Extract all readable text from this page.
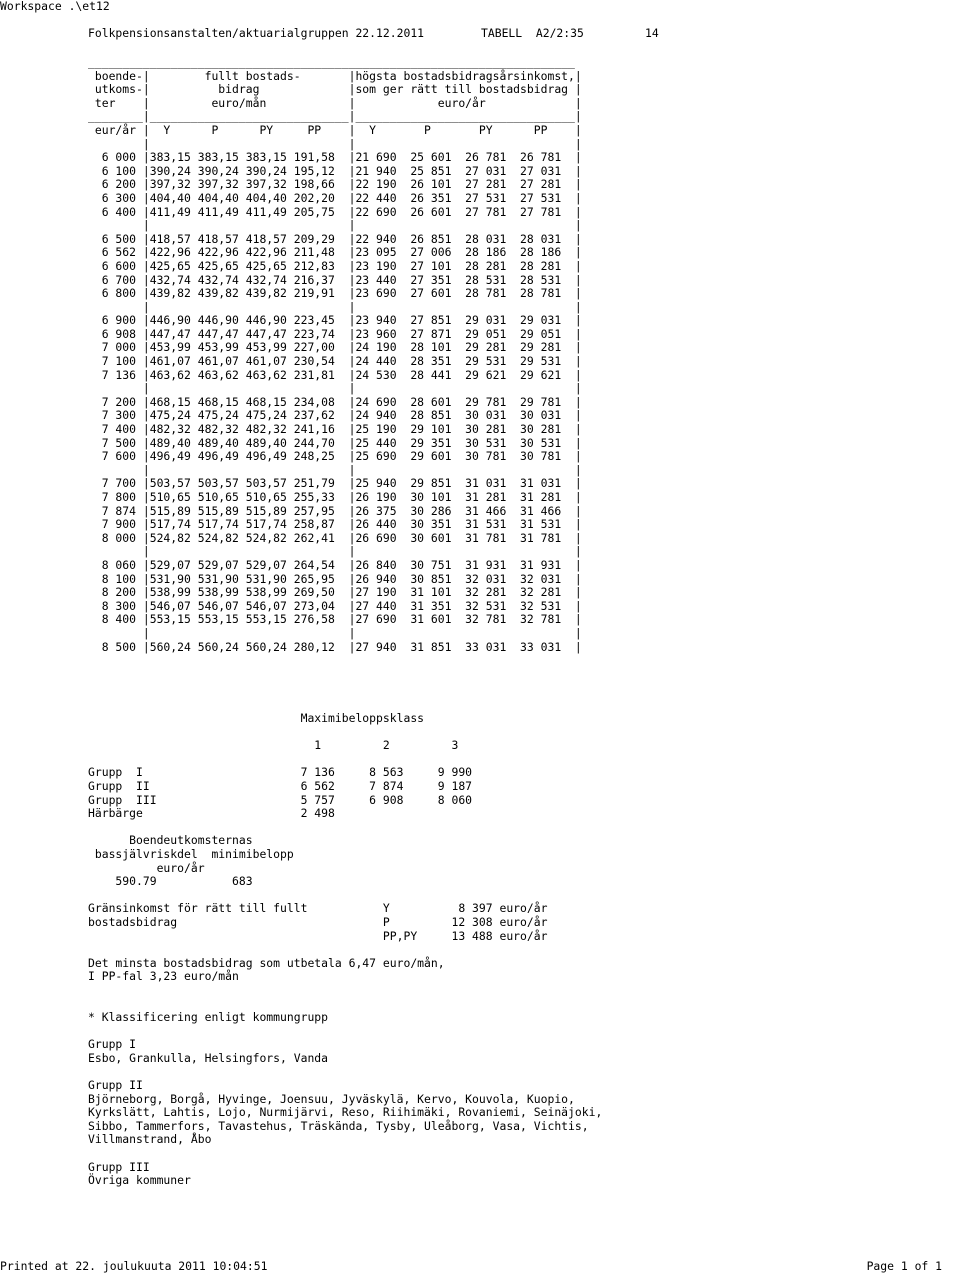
Workspace .\et12

Folkpensionsanstalten/aktuarialgruppen 22.12.2011

	TABELL  A2/2:35

	14

_______________________________________________________________________
boende-|        fullt bostads-       |högsta bostadsbidragsårsinkomst,|
utkoms-|          bidrag             |som ger rätt till bostadsbidrag |
ter    |         euro/mån            |            euro/år             |
________|_____________________________|________________________________|
eur/år |  Y      P      PY     PP    |  Y       P       PY      PP    |
|                             |                                |
6 000 |383,15 383,15 383,15 191,58  |21 690  25 601  26 781  26 781  |
6 100 |390,24 390,24 390,24 195,12  |21 940  25 851  27 031  27 031  |
6 200 |397,32 397,32 397,32 198,66  |22 190  26 101  27 281  27 281  |
6 300 |404,40 404,40 404,40 202,20  |22 440  26 351  27 531  27 531  |
6 400 |411,49 411,49 411,49 205,75  |22 690  26 601  27 781  27 781  |
|                             |                                |
6 500 |418,57 418,57 418,57 209,29  |22 940  26 851  28 031  28 031  |
6 562 |422,96 422,96 422,96 211,48  |23 095  27 006  28 186  28 186  |
6 600 |425,65 425,65 425,65 212,83  |23 190  27 101  28 281  28 281  |
6 700 |432,74 432,74 432,74 216,37  |23 440  27 351  28 531  28 531  |
6 800 |439,82 439,82 439,82 219,91  |23 690  27 601  28 781  28 781  |
|                             |                                |
6 900 |446,90 446,90 446,90 223,45  |23 940  27 851  29 031  29 031  |
6 908 |447,47 447,47 447,47 223,74  |23 960  27 871  29 051  29 051  |
7 000 |453,99 453,99 453,99 227,00  |24 190  28 101  29 281  29 281  |
7 100 |461,07 461,07 461,07 230,54  |24 440  28 351  29 531  29 531  |
7 136 |463,62 463,62 463,62 231,81  |24 530  28 441  29 621  29 621  |
|                             |                                |
7 200 |468,15 468,15 468,15 234,08  |24 690  28 601  29 781  29 781  |
7 300 |475,24 475,24 475,24 237,62  |24 940  28 851  30 031  30 031  |
7 400 |482,32 482,32 482,32 241,16  |25 190  29 101  30 281  30 281  |
7 500 |489,40 489,40 489,40 244,70  |25 440  29 351  30 531  30 531  |
7 600 |496,49 496,49 496,49 248,25  |25 690  29 601  30 781  30 781  |
|                             |                                |
7 700 |503,57 503,57 503,57 251,79  |25 940  29 851  31 031  31 031  |
7 800 |510,65 510,65 510,65 255,33  |26 190  30 101  31 281  31 281  |
7 874 |515,89 515,89 515,89 257,95  |26 375  30 286  31 466  31 466  |
7 900 |517,74 517,74 517,74 258,87  |26 440  30 351  31 531  31 531  |
8 000 |524,82 524,82 524,82 262,41  |26 690  30 601  31 781  31 781  |
|                             |                                |
8 060 |529,07 529,07 529,07 264,54  |26 840  30 751  31 931  31 931  |
8 100 |531,90 531,90 531,90 265,95  |26 940  30 851  32 031  32 031  |
8 200 |538,99 538,99 538,99 269,50  |27 190  31 101  32 281  32 281  |
8 300 |546,07 546,07 546,07 273,04  |27 440  31 351  32 531  32 531  |
8 400 |553,15 553,15 553,15 276,58  |27 690  31 601  32 781  32 781  |
|                             |                                |
8 500 |560,24 560,24 560,24 280,12  |27 940  31 851  33 031  33 031  |
Maximibeloppsklass
1         2         3
Grupp  I                       7 136     8 563     9 990
Grupp  II                      6 562     7 874     9 187
Grupp  III                     5 757     6 908     8 060
Härbärge                       2 498
Boendeutkomsternas
bassjälvriskdel  minimibelopp
euro/år
590.79           683
Gränsinkomst för rätt till fullt           Y          8 397 euro/år
bostadsbidrag                              P         12 308 euro/år
PP,PY     13 488 euro/år
Det minsta bostadsbidrag som utbetala 6,47 euro/mån,
I PP-fal 3,23 euro/mån
* Klassificering enligt kommungrupp
Grupp I
Esbo, Grankulla, Helsingfors, Vanda
Grupp II
Björneborg, Borgå, Hyvinge, Joensuu, Jyväskylä, Kervo, Kouvola, Kuopio,
Kyrkslätt, Lahtis, Lojo, Nurmijärvi, Reso, Riihimäki, Rovaniemi, Seinäjoki,
Sibbo, Tammerfors, Tavastehus, Träskända, Tysby, Uleåborg, Vasa, Vichtis,
Villmanstrand, Åbo
Grupp III
Övriga kommuner
Printed at 22. joulukuuta 2011 10:04:51	Page 1 of 1
